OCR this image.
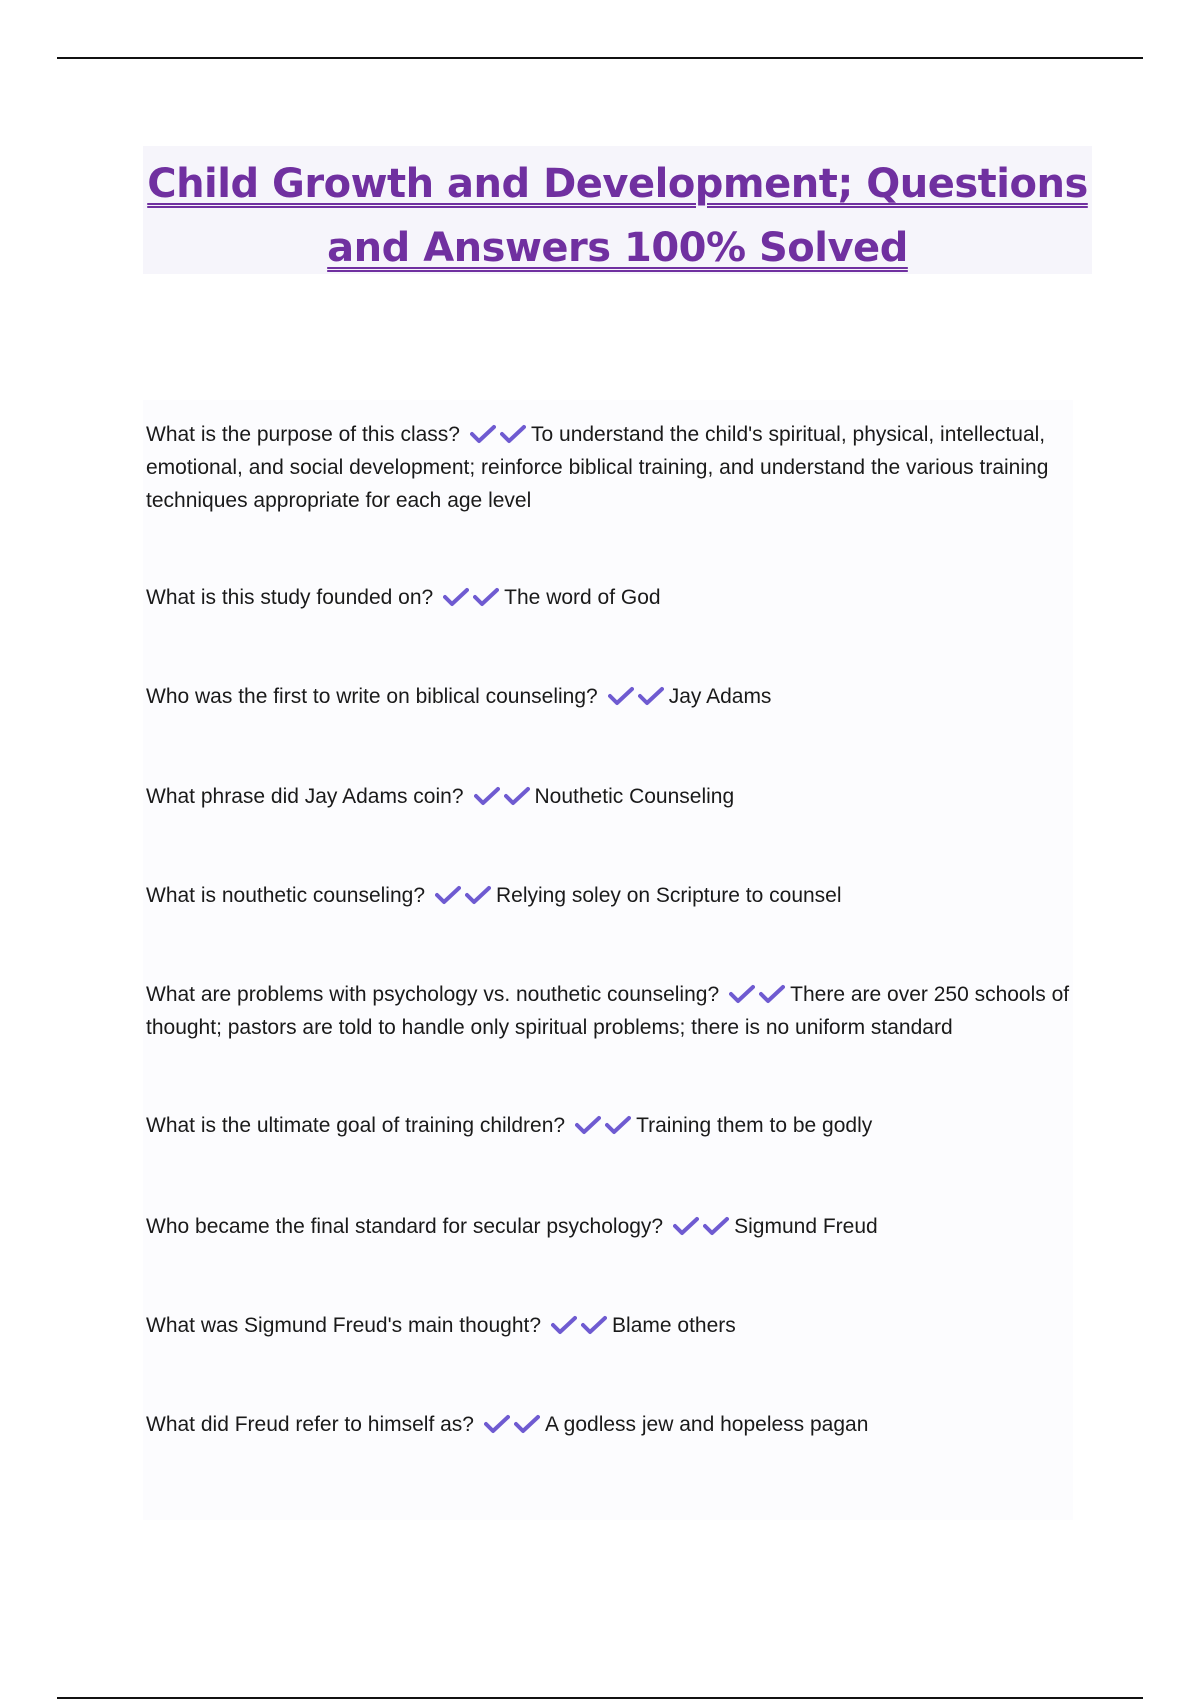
Child Growth and Development; Questions and Answers 100% Solved
What is the purpose of this class?	To understand the child's spiritual, physical, intellectual, emotional, and social development; reinforce biblical training, and understand the various training techniques appropriate for each age level
What is this study founded on?	The word of God
Who was the first to write on biblical counseling?	Jay Adams
What phrase did Jay Adams coin?	Nouthetic Counseling
What is nouthetic counseling?	Relying soley on Scripture to counsel
What are problems with psychology vs. nouthetic counseling?	There are over 250 schools of thought; pastors are told to handle only spiritual problems; there is no uniform standard
What is the ultimate goal of training children?	Training them to be godly
Who became the final standard for secular psychology?	Sigmund Freud
What was Sigmund Freud's main thought?	Blame others
What did Freud refer to himself as?	A godless jew and hopeless pagan
